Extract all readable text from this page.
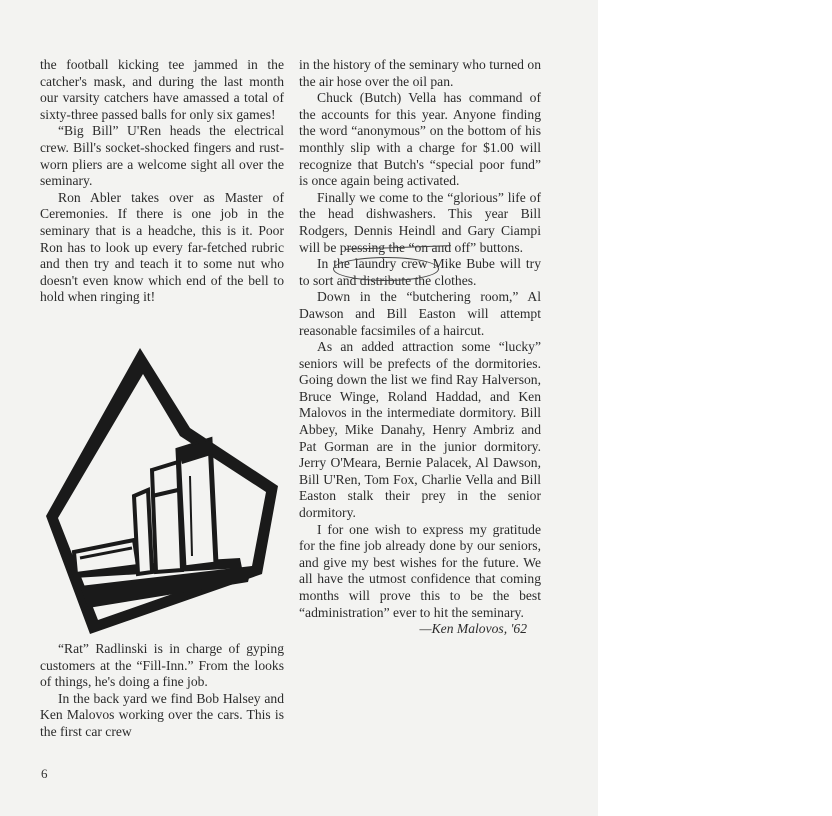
the football kicking tee jammed in the catcher's mask, and during the last month our varsity catchers have amassed a total of sixty-three passed balls for only six games!

“Big Bill” U'Ren heads the electrical crew. Bill's socket-shocked fingers and rust-worn pliers are a welcome sight all over the seminary.

Ron Abler takes over as Master of Ceremonies. If there is one job in the seminary that is a headche, this is it. Poor Ron has to look up every far-fetched rubric and then try and teach it to some nut who doesn't even know which end of the bell to hold when ringing it!

“Rat” Radlinski is in charge of gyping customers at the “Fill-Inn.” From the looks of things, he's doing a fine job.

In the back yard we find Bob Halsey and Ken Malovos working over the cars. This is the first car crew

in the history of the seminary who turned on the air hose over the oil pan.

Chuck (Butch) Vella has command of the accounts for this year. Anyone finding the word “anonymous” on the bottom of his monthly slip with a charge for $1.00 will recognize that Butch's “special poor fund” is once again being activated.

Finally we come to the “glorious” life of the head dishwashers. This year Bill Rodgers, Dennis Heindl and Gary Ciampi will be pressing the “on and off” buttons.

In the laundry crew Mike Bube will try to sort and distribute the clothes.

Down in the “butchering room,” Al Dawson and Bill Easton will attempt reasonable facsimiles of a haircut.

As an added attraction some “lucky” seniors will be prefects of the dormitories. Going down the list we find Ray Halverson, Bruce Winge, Roland Haddad, and Ken Malovos in the intermediate dormitory. Bill Abbey, Mike Danahy, Henry Ambriz and Pat Gorman are in the junior dormitory. Jerry O'Meara, Bernie Palacek, Al Dawson, Bill U'Ren, Tom Fox, Charlie Vella and Bill Easton stalk their prey in the senior dormitory.

I for one wish to express my gratitude for the fine job already done by our seniors, and give my best wishes for the future. We all have the utmost confidence that coming months will prove this to be the best “administration” ever to hit the seminary.

—Ken Malovos, '62

6
